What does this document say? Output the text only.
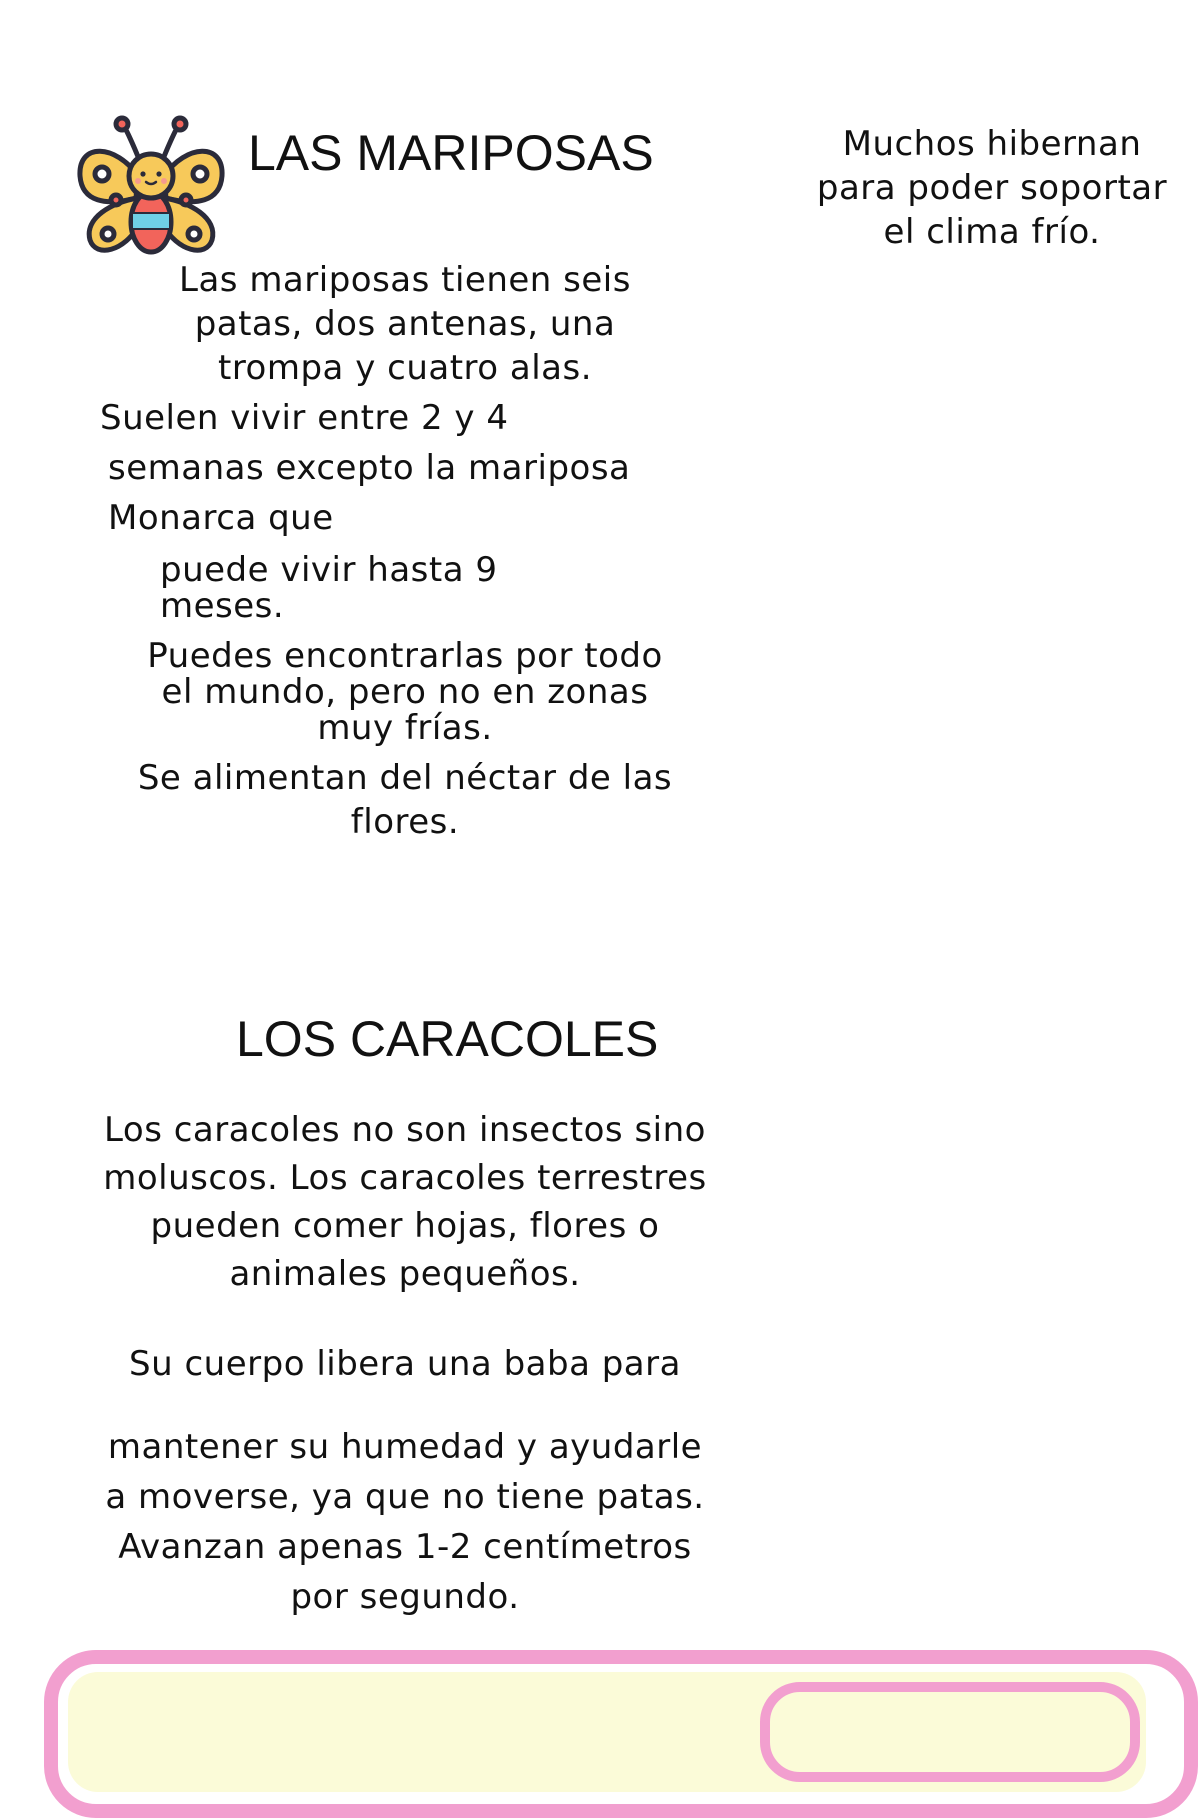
LAS MARIPOSAS
Las mariposas tienen seis patas, dos antenas, una trompa y cuatro alas.
Suelen vivir entre 2 y 4
semanas excepto la mariposa
Monarca que
puede vivir hasta 9 meses.
Puedes encontrarlas por todo el mundo, pero no en zonas muy frías.
Se alimentan del néctar de las flores.
Muchos hibernan para poder soportar el clima frío.
LOS CARACOLES
Los caracoles no son insectos sino moluscos. Los caracoles terrestres pueden comer hojas, flores o animales pequeños.
Su cuerpo libera una baba para
mantener su humedad y ayudarle a moverse, ya que no tiene patas. Avanzan apenas 1-2 centímetros por segundo.
